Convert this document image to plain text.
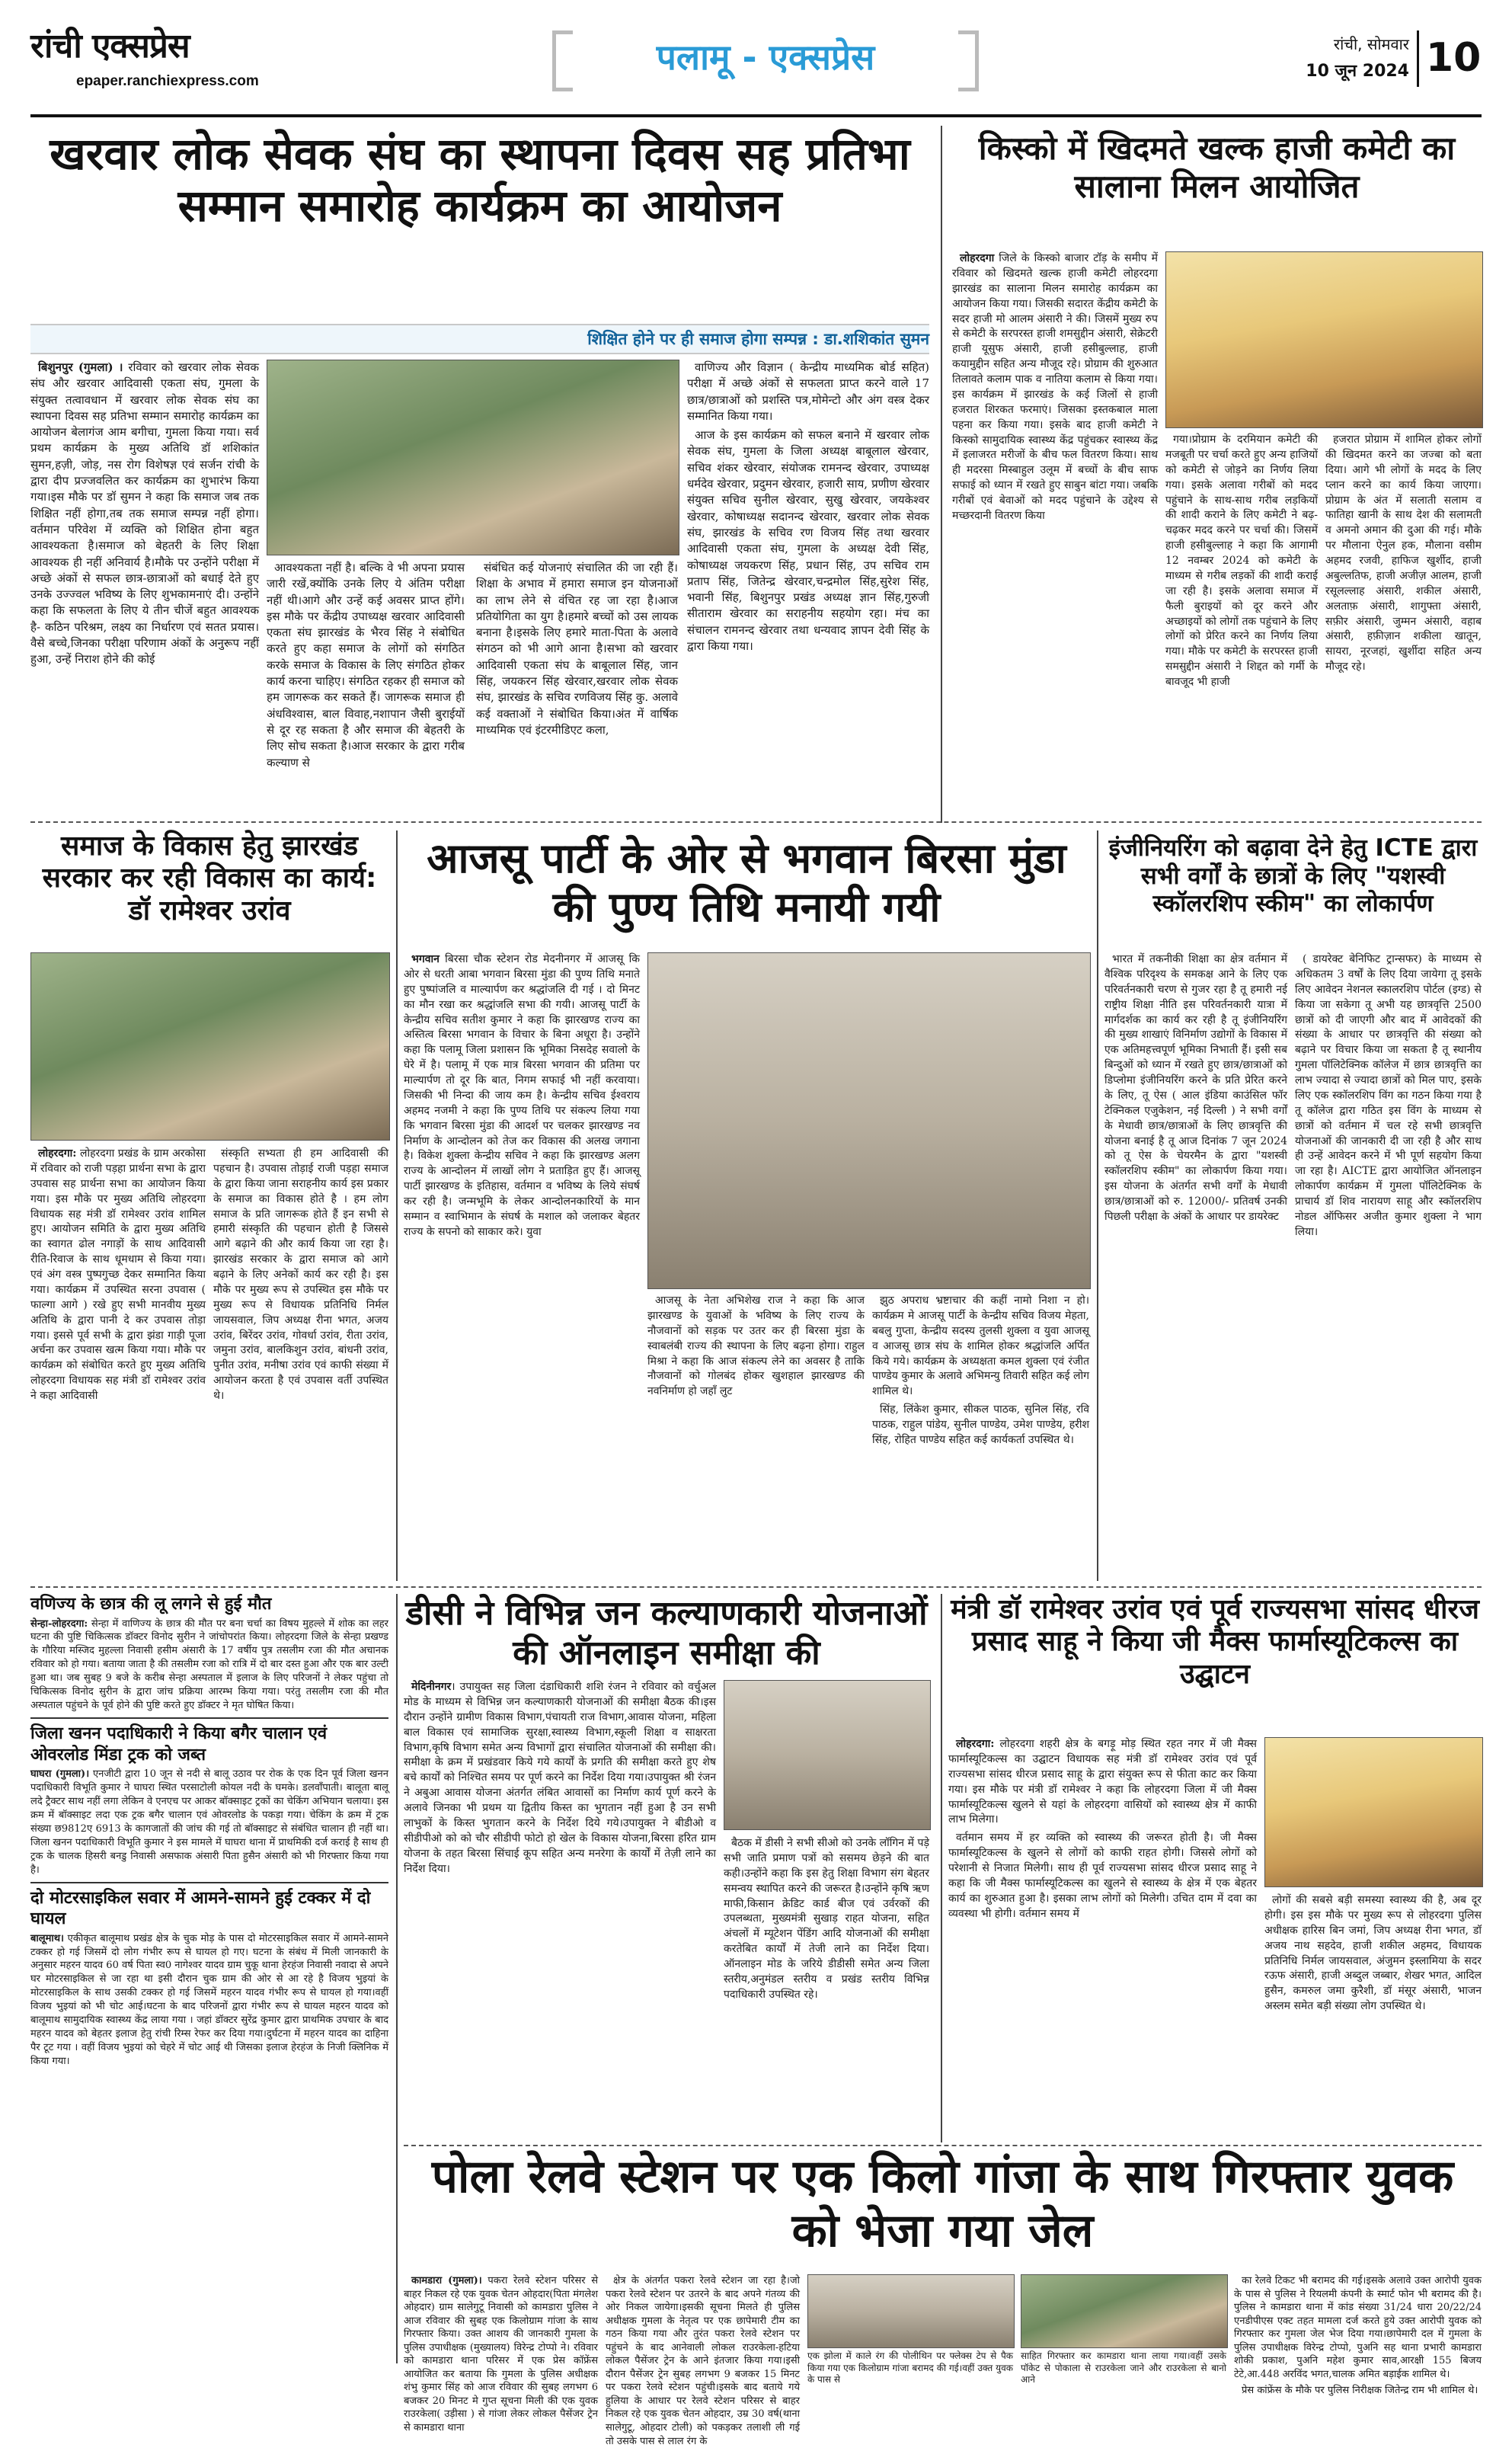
रांची एक्सप्रेस
epaper.ranchiexpress.com
पलामू - एक्सप्रेस	रांची, सोमवार
10 जून 2024 10
खरवार लोक सेवक संघ का स्थापना दिवस सह प्रतिभा सम्मान समारोह कार्यक्रम का आयोजन
शिक्षित होने पर ही समाज होगा सम्पन्न : डा.शशिकांत सुमन

बिशुनपुर (गुमला) । रविवार को खरवार लोक सेवक संघ और खरवार आदिवासी एकता संघ, गुमला के संयुक्त तत्वावधान में खरवार लोक सेवक संघ का स्थापना दिवस सह प्रतिभा सम्मान समारोह कार्यक्रम का आयोजन बेलागंज आम बगीचा, गुमला किया गया। सर्व प्रथम कार्यक्रम के मुख्य अतिथि डॉ शशिकांत सुमन,हज़ी, जोड़, नस रोग विशेषज्ञ एवं सर्जन रांची के द्वारा दीप प्रज्जवलित कर कार्यक्रम का शुभारंभ किया गया।इस मौके पर डॉ सुमन ने कहा कि समाज जब तक शिक्षित नहीं होगा,तब तक समाज सम्पन्न नहीं होगा। वर्तमान परिवेश में व्यक्ति को शिक्षित होना बहुत आवश्यकता है।समाज को बेहतरी के लिए शिक्षा आवश्यक ही नहीं अनिवार्य है।मौके पर उन्होंने परीक्षा में अच्छे अंकों से सफल छात्र-छात्राओं को बधाई देते हुए उनके उज्ज्वल भविष्य के लिए शुभकामनाएं दी। उन्होंने कहा कि सफलता के लिए ये तीन चीजें बहुत आवश्यक है- कठिन परिश्रम, लक्ष्य का निर्धारण एवं सतत प्रयास। वैसे बच्चे,जिनका परीक्षा परिणाम अंकों के अनुरूप नहीं हुआ, उन्हें निराश होने की कोई

आवश्यकता नहीं है। बल्कि वे भी अपना प्रयास जारी रखें,क्योंकि उनके लिए ये अंतिम परीक्षा नहीं थी।आगे और उन्हें कई अवसर प्राप्त होंगे। इस मौके पर केंद्रीय उपाध्यक्ष खरवार आदिवासी एकता संघ झारखंड के भैरव सिंह ने संबोधित करते हुए कहा समाज के लोगों को संगठित करके समाज के विकास के लिए संगठित होकर कार्य करना चाहिए। संगठित रहकर ही समाज को हम जागरूक कर सकते हैं। जागरूक समाज ही अंधविश्वास, बाल विवाह,नशापान जैसी बुराईयों से दूर रह सकता है और समाज की बेहतरी के लिए सोच सकता है।आज सरकार के द्वारा गरीब कल्याण से

संबंधित कई योजनाएं संचालित की जा रही हैं।शिक्षा के अभाव में हमारा समाज इन योजनाओं का लाभ लेने से वंचित रह जा रहा है।आज प्रतियोगिता का युग है।हमारे बच्चों को उस लायक बनाना है।इसके लिए हमारे माता-पिता के अलावे संगठन को भी आगे आना है।सभा को खरवार आदिवासी एकता संघ के बाबूलाल सिंह, जान सिंह, जयकरन सिंह खेरवार,खरवार लोक सेवक संघ, झारखंड के सचिव रणविजय सिंह कु. अलावे कई वक्ताओं ने संबोधित किया।अंत में वार्षिक माध्यमिक एवं इंटरमीडिएट कला,

वाणिज्य और विज्ञान ( केन्द्रीय माध्यमिक बोर्ड सहित) परीक्षा में अच्छे अंकों से सफलता प्राप्त करने वाले 17 छात्र/छात्राओं को प्रशस्ति पत्र,मोमेन्टो और अंग वस्त्र देकर सम्मानित किया गया।

आज के इस कार्यक्रम को सफल बनाने में खरवार लोक सेवक संघ, गुमला के जिला अध्यक्ष बाबूलाल खेरवार, सचिव शंकर खेरवार, संयोजक रामनन्द खेरवार, उपाध्यक्ष धर्मदेव खेरवार, प्रदुमन खेरवार, हजारी साय, प्रणीण खेरवार संयुक्त सचिव सुनील खेरवार, सुखु खेरवार, जयकेश्वर खेरवार, कोषाध्यक्ष सदानन्द खेरवार, खरवार लोक सेवक संघ, झारखंड के सचिव रण विजय सिंह तथा खरवार आदिवासी एकता संघ, गुमला के अध्यक्ष देवी सिंह, कोषाध्यक्ष जयकरण सिंह, प्रधान सिंह, उप सचिव राम प्रताप सिंह, जितेन्द्र खेरवार,चन्द्रमोल सिंह,सुरेश सिंह, भवानी सिंह, बिशुनपुर प्रखंड अध्यक्ष ज्ञान सिंह,गुरुजी सीताराम खेरवार का सराहनीय सहयोग रहा। मंच का संचालन रामनन्द खेरवार तथा धन्यवाद ज्ञापन देवी सिंह के द्वारा किया गया।

किस्को में खिदमते खल्क हाजी कमेटी का सालाना मिलन आयोजित

लोहरदगा जिले के किस्को बाजार टॉड़ के समीप में रविवार को खिदमते खल्क हाजी कमेटी लोहरदगा झारखंड का सालाना मिलन समारोह कार्यक्रम का आयोजन किया गया। जिसकी सदारत केंद्रीय कमेटी के सदर हाजी मो आलम अंसारी ने की। जिसमें मुख्य रुप से कमेटी के सरपरस्त हाजी शमसुद्दीन अंसारी, सेक्रेटरी हाजी यूसुफ अंसारी, हाजी हसीबुल्लाह, हाजी कयामुद्दीन सहित अन्य मौजूद रहे। प्रोग्राम की शुरुआत तिलावते कलाम पाक व नातिया कलाम से किया गया। इस कार्यक्रम में झारखंड के कई जिलों से हाजी हजरात शिरकत फरमाएं। जिसका इस्तकबाल माला पहना कर किया गया। इसके बाद हाजी कमेटी ने किस्को सामुदायिक स्वास्थ्य केंद्र पहुंचकर स्वास्थ्य केंद्र में इलाजरत मरीजों के बीच फल वितरण किया। साथ ही मदरसा मिस्बाहुल उलूम में बच्चों के बीच साफ सफाई को ध्यान में रखते हुए साबुन बांटा गया। जबकि गरीबों एवं बेवाओं को मदद पहुंचाने के उद्देश्य से मच्छरदानी वितरण किया

गया।प्रोग्राम के दरमियान कमेटी की मजबूती पर चर्चा करते हुए अन्य हाजियों को कमेटी से जोड़ने का निर्णय लिया गया। इसके अलावा गरीबों को मदद पहुंचाने के साथ-साथ गरीब लड़कियों की शादी कराने के लिए कमेटी ने बढ़-चढ़कर मदद करने पर चर्चा की। जिसमें हाजी हसीबुल्लाह ने कहा कि आगामी 12 नवम्बर 2024 को कमेटी के माध्यम से गरीब लड़कों की शादी कराई जा रही है। इसके अलावा समाज में फैली बुराइयों को दूर करने और अच्छाइयों को लोगों तक पहुंचाने के लिए लोगों को प्रेरित करने का निर्णय लिया गया। मौके पर कमेटी के सरपरस्त हाजी समसुद्दीन अंसारी ने शिद्दत को गर्मी के बावजूद भी हाजी

हजरात प्रोग्राम में शामिल होकर लोगों की खिदमत करने का जज्बा को बता दिया। आगे भी लोगों के मदद के लिए प्लान करने का कार्य किया जाएगा। प्रोग्राम के अंत में सलाती सलाम व फातिहा खानी के साथ देश की सलामती व अमनो अमान की दुआ की गई। मौके पर मौलाना ऐनुल हक, मौलाना वसीम अहमद रजवी, हाफिज खुर्शीद, हाजी अबुल्लतिफ, हाजी अजीज़ आलम, हाजी रसूलल्लाह अंसारी, शकील अंसारी, अलताफ़ अंसारी, शागुफ्ता अंसारी, सफ़ीर अंसारी, जुम्मन अंसारी, वहाब अंसारी, हफ़ीज़ान शकीला खातून, सायरा, नूरजहां, खुर्शीदा सहित अन्य मौजूद रहे।

समाज के विकास हेतु झारखंड सरकार कर रही विकास का कार्य: डॉ रामेश्वर उरांव

लोहरदगा: लोहरदगा प्रखंड के ग्राम अरकोसा में रविवार को राजी पड़हा प्रार्थना सभा के द्वारा उपवास सह प्रार्थना सभा का आयोजन किया गया। इस मौके पर मुख्य अतिथि लोहरदगा विधायक सह मंत्री डॉ रामेश्वर उरांव शामिल हुए। आयोजन समिति के द्वारा मुख्य अतिथि का स्वागत ढोल नगाड़ों के साथ आदिवासी रीति-रिवाज के साथ धूमधाम से किया गया। एवं अंग वस्त्र पुष्पगुच्छ देकर सम्मानित किया गया। कार्यक्रम में उपस्थित सरना उपवास ( फाल्गा आगे ) रखे हुए सभी मानवीय मुख्य अतिथि के द्वारा पानी दे कर उपवास तोड़ा गया। इससे पूर्व सभी के द्वारा झंडा गाड़ी पूजा अर्चना कर उपवास खत्म किया गया। मौके पर कार्यक्रम को संबोधित करते हुए मुख्य अतिथि लोहरदगा विधायक सह मंत्री डॉ रामेश्वर उरांव ने कहा आदिवासी

संस्कृति सभ्यता ही हम आदिवासी की पहचान है। उपवास तोड़ाई राजी पड़हा समाज के द्वारा किया जाना सराहनीय कार्य इस प्रकार के समाज का विकास होते है । हम लोग समाज के प्रति जागरूक होते हैं इन सभी से हमारी संस्कृति की पहचान होती है जिससे आगे बढ़ाने की और कार्य किया जा रहा है। झारखंड सरकार के द्वारा समाज को आगे बढ़ाने के लिए अनेकों कार्य कर रही है। इस मौके पर मुख्य रूप से उपस्थित इस मौके पर मुख्य रूप से विधायक प्रतिनिधि निर्मल जायसवाल, जिप अध्यक्ष रीना भगत, अजय उरांव, बिरेंदर उरांव, गोवर्धा उरांव, रीता उरांव, जमुना उरांव, बालकिशुन उरांव, बांधनी उरांव, पुनीत उरांव, मनीषा उरांव एवं काफी संख्या में आयोजन करता है एवं उपवास वर्ती उपस्थित थे।

आजसू पार्टी के ओर से भगवान बिरसा मुंडा की पुण्य तिथि मनायी गयी

भगवान बिरसा चौक स्टेशन रोड मेदनीनगर में आजसू कि ओर से धरती आबा भगवान बिरसा मुंडा की पुण्य तिथि मनाते हुए पुष्पांजलि व माल्यार्पण कर श्रद्धांजलि दी गई । दो मिनट का मौन रखा कर श्रद्धांजलि सभा की गयी। आजसू पार्टी के केन्द्रीय सचिव सतीश कुमार ने कहा कि झारखण्ड राज्य का अस्तित्व बिरसा भगवान के विचार के बिना अधूरा है। उन्होंने कहा कि पलामू जिला प्रशासन कि भूमिका निसदेह सवालो के घेरे में है। पलामू में एक मात्र बिरसा भगवान की प्रतिमा पर माल्यार्पण तो दूर कि बात, निगम सफाई भी नहीं करवाया। जिसकी भी निन्दा की जाय कम है। केन्द्रीय सचिव ईश्वराय अहमद नजमी ने कहा कि पुण्य तिथि पर संकल्प लिया गया कि भगवान बिरसा मुंडा की आदर्श पर चलकर झारखण्ड नव निर्माण के आन्दोलन को तेज कर विकास की अलख जगाना है। विकेश शुक्ला केन्द्रीय सचिव ने कहा कि झारखण्ड अलग राज्य के आन्दोलन में लाखों लोग ने प्रताड़ित हुए हैं। आजसू पार्टी झारखण्ड के इतिहास, वर्तमान व भविष्य के लिये संघर्ष कर रही है। जन्मभूमि के लेकर आन्दोलनकारियों के मान सम्मान व स्वाभिमान के संघर्ष के मशाल को जलाकर बेहतर राज्य के सपनो को साकार करे। युवा

आजसू के नेता अभिशेख राज ने कहा कि आज झारखण्ड के युवाओं के भविष्य के लिए राज्य के नौजवानों को सड़क पर उतर कर ही बिरसा मुंडा के स्वाबलंबी राज्य की स्थापना के लिए बढ़ना होगा। राहुल मिश्रा ने कहा कि आज संकल्प लेने का अवसर है ताकि नौजवानों को गोलबंद होकर खुशहाल झारखण्ड की नवनिर्माण हो जहाँ लुट

झुठ अपराध भ्रष्टाचार की कहीं नामो निशा न हो। कार्यक्रम मे आजसू पार्टी के केन्द्रीय सचिव विजय मेहता, बबलु गुप्ता, केन्द्रीय सदस्य तुलसी शुक्ला व युवा आजसू व आजसू छात्र संघ के शामिल होकर श्रद्धांजलि अर्पित किये गये। कार्यक्रम के अध्यक्षता कमल शुक्ला एवं रंजीत पाण्डेय कुमार के अलावे अभिमन्यु तिवारी सहित कई लोग शामिल थे।

सिंह, लिंकेश कुमार, सीकल पाठक, सुनिल सिंह, रवि पाठक, राहुल पांडेय, सुनील पाण्डेय, उमेश पाण्डेय, हरीश सिंह, रोहित पाण्डेय सहित कई कार्यकर्ता उपस्थित थे।

इंजीनियरिंग को बढ़ावा देने हेतु ICTE द्वारा सभी वर्गों के छात्रों के लिए "यशस्वी स्कॉलरशिप स्कीम" का लोकार्पण

भारत में तकनीकी शिक्षा का क्षेत्र वर्तमान में वैश्विक परिदृश्य के समकक्ष आने के लिए एक परिवर्तनकारी चरण से गुजर रहा है तू हमारी नई राष्ट्रीय शिक्षा नीति इस परिवर्तनकारी यात्रा में मार्गदर्शक का कार्य कर रही है तू इंजीनियरिंग की मुख्य शाखाएं विनिर्माण उद्योगों के विकास में एक अतिमहत्त्वपूर्ण भूमिका निभाती हैं। इसी सब बिन्दुओं को ध्यान में रखते हुए छात्र/छात्राओं को डिप्लोमा इंजीनियरिंग करने के प्रति प्रेरित करने के लिए, तू ऐस ( आल इंडिया काउंसिल फॉर टेक्निकल एजुकेशन, नई दिल्ली ) ने सभी वर्गों के मेधावी छात्र/छात्राओं के लिए छात्रवृत्ति की योजना बनाई है तू आज दिनांक 7 जून 2024 को तू ऐस के चेयरमैन के द्वारा "यशस्वी स्कॉलरशिप स्कीम" का लोकार्पण किया गया। इस योजना के अंतर्गत सभी वर्गों के मेधावी छात्र/छात्राओं को रु. 12000/- प्रतिवर्ष उनकी पिछली परीक्षा के अंकों के आधार पर डायरेक्ट

( डायरेक्ट बेनिफिट ट्रान्सफर) के माध्यम से अधिकतम 3 वर्षों के लिए दिया जायेगा तू इसके लिए आवेदन नेशनल स्कालरशिप पोर्टल (इग्ड) से किया जा सकेगा तू अभी यह छात्रवृत्ति 2500 छात्रों को दी जाएगी और बाद में आवेदकों की संख्या के आधार पर छात्रवृत्ति की संख्या को बढ़ाने पर विचार किया जा सकता है तू स्थानीय गुमला पॉलिटेक्निक कॉलेज में छात्र छात्रवृत्ति का लाभ ज्यादा से ज्यादा छात्रों को मिल पाए, इसके लिए एक स्कॉलरशिप विंग का गठन किया गया है तू कॉलेज द्वारा गठित इस विंग के माध्यम से छात्रों को वर्तमान में चल रहे सभी छात्रवृत्ति योजनाओं की जानकारी दी जा रही है और साथ ही उन्हें आवेदन करने में भी पूर्ण सहयोग किया जा रहा है। AICTE द्वारा आयोजित ऑनलाइन लोकार्पण कार्यक्रम में गुमला पॉलिटेक्निक के प्राचार्य डॉ शिव नारायण साहू और स्कॉलरशिप नोडल ऑफिसर अजीत कुमार शुक्ला ने भाग लिया।

वणिज्य के छात्र की लू लगने से हुई मौत
सेन्हा-लोहरदगा: सेन्हा में वाणिज्य के छात्र की मौत पर बना चर्चा का विषय मुहल्ले में शोक का लहर घटना की पुष्टि चिकित्सक डॉक्टर विनोद सुरीन ने जांचोपरांत किया। लोहरदगा जिले के सेन्हा प्रखण्ड के गौरिया मस्जिद मुहल्ला निवासी हसीम अंसारी के 17 वर्षीय पुत्र तसलीम रजा की मौत अचानक रविवार को हो गया। बताया जाता है की तसलीम रजा को रात्रि में दो बार दस्त हुआ और एक बार उल्टी हुआ था। जब सुबह 9 बजे के करीब सेन्हा अस्पताल में इलाज के लिए परिजनों ने लेकर पहुंचा तो चिकित्सक विनोद सुरीन के द्वारा जांच प्रक्रिया आरम्भ किया गया। परंतु तसलीम रजा की मौत अस्पताल पहुंचने के पूर्व होने की पुष्टि करते हुए डॉक्टर ने मृत घोषित किया।
जिला खनन पदाधिकारी ने किया बगैर चालान एवं ओवरलोड मिंडा ट्रक को जब्त
घाघरा (गुमला)। एनजीटी द्वारा 10 जून से नदी से बालू उठाव पर रोक के एक दिन पूर्व जिला खनन पदाधिकारी विभूति कुमार ने घाघरा स्थित परसाटोली कोयल नदी के घमके। डलवाँपाती। बालूता बालू लदे ट्रैक्टर साथ नहीं लगा लेकिन वे एनएच पर आकर बॉक्साइट ट्रकों का चेकिंग अभियान चलाया। इस क्रम में बॉक्साइट लदा एक ट्रक बगैर चालान एवं ओवरलोड के पकड़ा गया। चेकिंग के क्रम में ट्रक संख्या छ9812ए 6913 के कागजातों की जांच की गई तो बॉक्साइट से संबंधित चालान ही नहीं था। जिला खनन पदाधिकारी विभूति कुमार ने इस मामले में घाघरा थाना में प्राथमिकी दर्ज कराई है साथ ही ट्रक के चालक हिसरी बनडु निवासी असफाक अंसारी पिता हुसैन अंसारी को भी गिरफ्तार किया गया है।
दो मोटरसाइकिल सवार में आमने-सामने हुई टक्कर में दो घायल
बालूमाथ। एकीकृत बालूमाथ प्रखंड क्षेत्र के चुक मोड़ के पास दो मोटरसाइकिल सवार में आमने-सामने टक्कर हो गई जिसमें दो लोग गंभीर रूप से घायल हो गए। घटना के संबंध में मिली जानकारी के अनुसार महरन यादव 60 वर्ष पिता स्व0 नागेश्वर यादव ग्राम चुकू थाना हेरहंज निवासी नवादा से अपने घर मोटरसाइकिल से जा रहा था इसी दौरान चुक ग्राम की ओर से आ रहे है विजय भुइयां के मोटरसाइकिल के साथ उसकी टक्कर हो गई जिसमें महरन यादव गंभीर रूप से घायल हो गया।वहीं विजय भुइयां को भी चोट आई।घटना के बाद परिजनों द्वारा गंभीर रूप से घायल महरन यादव को बालूमाथ सामुदायिक स्वास्थ्य केंद्र लाया गया । जहां डॉक्टर सुरेंद्र कुमार द्वारा प्राथमिक उपचार के बाद महरन यादव को बेहतर इलाज हेतु रांची रिम्स रेफर कर दिया गया।दुर्घटना में महरन यादव का दाहिना पैर टूट गया । वहीं विजय भुइयां को चेहरे में चोट आई थी जिसका इलाज हेरहंज के निजी क्लिनिक में किया गया।
डीसी ने विभिन्न जन कल्याणकारी योजनाओं की ऑनलाइन समीक्षा की

मेदिनीनगर। उपायुक्त सह जिला दंडाधिकारी शशि रंजन ने रविवार को वर्चुअल मोड के माध्यम से विभिन्न जन कल्याणकारी योजनाओं की समीक्षा बैठक की।इस दौरान उन्होंने ग्रामीण विकास विभाग,पंचायती राज विभाग,आवास योजना, महिला बाल विकास एवं सामाजिक सुरक्षा,स्वास्थ्य विभाग,स्कूली शिक्षा व साक्षरता विभाग,कृषि विभाग समेत अन्य विभागों द्वारा संचालित योजनाओं की समीक्षा की।समीक्षा के क्रम में प्रखंडवार किये गये कार्यों के प्रगति की समीक्षा करते हुए शेष बचे कार्यों को निश्चित समय पर पूर्ण करने का निर्देश दिया गया।उपायुक्त श्री रंजन ने अबुआ आवास योजना अंतर्गत लंबित आवासों का निर्माण कार्य पूर्ण करने के अलावे जिनका भी प्रथम या द्वितीय किस्त का भुगतान नहीं हुआ है उन सभी लाभुकों के किस्त भुगतान करने के निर्देश दिये गये।उपायुक्त ने बीडीओ व सीडीपीओ को को चौर सीडीपी फोटो हो खेल के विकास योजना,बिरसा हरित ग्राम योजना के तहत बिरसा सिंचाई कूप सहित अन्य मनरेगा के कार्यों में तेज़ी लाने का निर्देश दिया।

बैठक में डीसी ने सभी सीओ को उनके लॉगिन में पड़े सभी जाति प्रमाण पत्रों को ससमय छेड़ने की बात कही।उन्होंने कहा कि इस हेतु शिक्षा विभाग संग बेहतर समन्वय स्थापित करने की जरूरत है।उन्होंने कृषि ऋण माफी,किसान क्रेडिट कार्ड बीज एवं उर्वरकों की उपलब्धता, मुख्यमंत्री सुखाड़ राहत योजना, सहित अंचलों में म्यूटेशन पेंडिंग आदि योजनाओं की समीक्षा करतेबित कार्यों में तेजी लाने का निर्देश दिया।ऑनलाइन मोड के जरिये डीडीसी समेत अन्य जिला स्तरीय,अनुमंडल स्तरीय व प्रखंड स्तरीय विभिन्न पदाधिकारी उपस्थित रहे।

मंत्री डॉ रामेश्वर उरांव एवं पूर्व राज्यसभा सांसद धीरज प्रसाद साहू ने किया जी मैक्स फार्मास्यूटिकल्स का उद्घाटन

लोहरदगा: लोहरदगा शहरी क्षेत्र के बगड़ू मोड़ स्थित रहत नगर में जी मैक्स फार्मास्यूटिकल्स का उद्घाटन विधायक सह मंत्री डॉ रामेश्वर उरांव एवं पूर्व राज्यसभा सांसद धीरज प्रसाद साहू के द्वारा संयुक्त रूप से फीता काट कर किया गया। इस मौके पर मंत्री डॉ रामेश्वर ने कहा कि लोहरदगा जिला में जी मैक्स फार्मास्यूटिकल्स खुलने से यहां के लोहरदगा वासियों को स्वास्थ्य क्षेत्र में काफी लाभ मिलेगा।

वर्तमान समय में हर व्यक्ति को स्वास्थ्य की जरूरत होती है। जी मैक्स फार्मास्यूटिकल्स के खुलने से लोगों को काफी राहत होगी। जिससे लोगों को परेशानी से निजात मिलेगी। साथ ही पूर्व राज्यसभा सांसद धीरज प्रसाद साहू ने कहा कि जी मैक्स फार्मास्यूटिकल्स का खुलने से स्वास्थ्य के क्षेत्र में एक बेहतर कार्य का शुरुआत हुआ है। इसका लाभ लोगों को मिलेगी। उचित दाम में दवा का व्यवस्था भी होगी। वर्तमान समय में

लोगों की सबसे बड़ी समस्या स्वास्थ्य की है, अब दूर होगी। इस इस मौके पर मुख्य रूप से लोहरदगा पुलिस अधीक्षक हारिस बिन जमां, जिप अध्यक्ष रीना भगत, डॉ अजय नाथ सहदेव, हाजी शकील अहमद, विधायक प्रतिनिधि निर्मल जायसवाल, अंजुमन इस्लामिया के सदर रऊफ अंसारी, हाजी अब्दुल जब्बार, शेखर भगत, आदिल हुसैन, कमरुल जमा कुरैशी, डॉ मंसूर अंसारी, भाजन अस्लम समेत बड़ी संख्या लोग उपस्थित थे।

पोला रेलवे स्टेशन पर एक किलो गांजा के साथ गिरफ्तार युवक को भेजा गया जेल

कामडारा (गुमला)। पकरा रेलवे स्टेशन परिसर से बाहर निकल रहे एक युवक चेतन ओहदार(पिता मंगलेश ओहदार) ग्राम सालेगुटू निवासी को कामडारा पुलिस ने आज रविवार की सुबह एक किलोग्राम गांजा के साथ गिरफ्तार किया। उक्त आशय की जानकारी गुमला के पुलिस उपाधीक्षक (मुख्यालय) विरेन्द्र टोप्पो ने। रविवार को कामडारा थाना परिसर में एक प्रेस कॉफ्रेंस आयोजित कर बताया कि गुमला के पुलिस अधीक्षक शंभु कुमार सिंह को आज रविवार की सुबह लगभग 6 बजकर 20 मिनट मे गुप्त सूचना मिली की एक युवक राउरकेला( उड़ीसा ) से गांजा लेकर लोकल पैसेंजर ट्रेन से कामडारा थाना

क्षेत्र के अंतर्गत पकरा रेलवे स्टेशन जा रहा है।जो पकरा रेलवे स्टेशन पर उतरने के बाद अपने गंतव्य की ओर निकल जायेगा।इसकी सूचना मिलते ही पुलिस अधीक्षक गुमला के नेतृत्व पर एक छापेमारी टीम का गठन किया गया और तुरंत पकरा रेलवे स्टेशन पर पहुंचने के बाद आनेवाली लोकल राउरकेला-हटिया लोकल पैसेंजर ट्रेन के आने इंतजार किया गया।इसी दौरान पैसेंजर ट्रेन सुबह लगभग 9 बजकर 15 मिनट पर पकरा रेलवे स्टेशन पहुंची।इसके बाद बताये गये हुलिया के आधार पर रेलवे स्टेशन परिसर से बाहर निकल रहे एक युवक चेतन ओहदार, उम्र 30 वर्ष(थाना सालेगुटू, ओहदार टोली) को पकड़कर तलाशी ली गई तो उसके पास से लाल रंग के

एक झोला में काले रंग की पोलीथिन पर फ्लेक्स टेप से पैक किया गया एक किलोग्राम गांजा बरामद की गई।वहीं उक्त युवक के पास से
साहित गिरफ्तार कर कामडारा थाना लाया गया।वहीं उसके पॉकेट से पोकाला से राउरकेला जाने और राउरकेला से बानो आने

का रेलवे टिकट भी बरामद की गई।इसके अलावे उक्त आरोपी युवक के पास से पुलिस ने रियलमी कंपनी के स्मार्ट फोन भी बरामद की है। पुलिस ने कामडारा थाना में कांड संख्या 31/24 धारा 20/22/24 एनडीपीएस एक्ट तहत मामला दर्ज करते हुये उक्त आरोपी युवक को गिरफ्तार कर गुमला जेल भेज दिया गया।छापेमारी दल में गुमला के पुलिस उपाधीक्षक विरेन्द्र टोप्पो, पुअनि सह थाना प्रभारी कामडारा शोकी प्रकाश, पुअनि महेश कुमार साव,आरक्षी 155 बिजय टेटे,आ.448 अरविंद भगत,चालक अमित बड़ाईक शामिल थे।

प्रेस कांफ्रेंस के मौके पर पुलिस निरीक्षक जितेन्द्र राम भी शामिल थे।
